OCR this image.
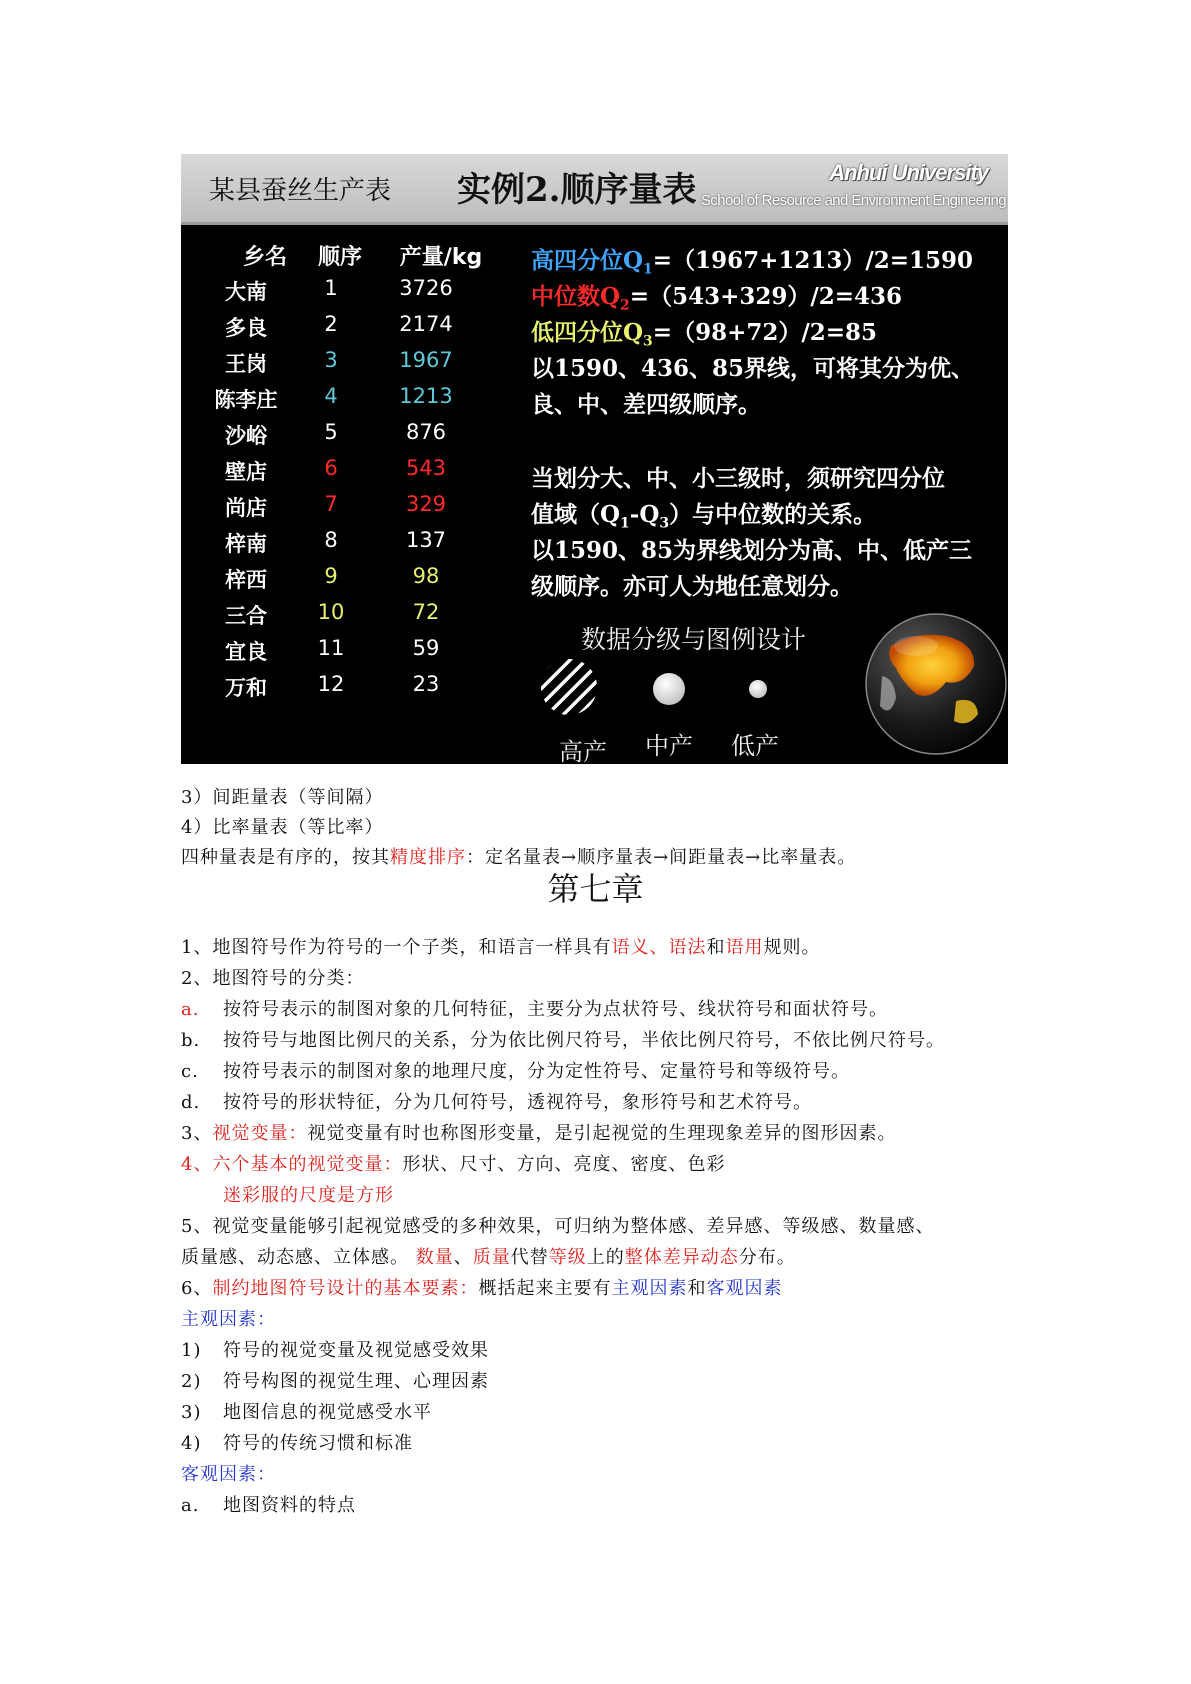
某县蚕丝生产表 实例2.顺序量表	Anhui University
School of Resource and Environment Engineering
乡名	顺序	产量/kg
大南	1	3726
多良	2	2174
王岗	3	1967
陈李庄	4	1213
沙峪	5	876
壁店	6	543
尚店	7	329
梓南	8	137
梓西	9	98
三合	10	72
宜良	11	59
万和	12	23
高四分位$Q_1=(1967+1213)/2=1590$
中位数$Q_2=(543+329)/2=436$
低四分位$Q_3=(98+72)/2=85$
以1590、436、85界线，可将其分为优、
良、中、差四级顺序。
当划分大、中、小三级时，须研究四分位
值域$(Q_1-Q_3)$与中位数的关系。
以1590、85为界线划分为高、中、低产三
级顺序。亦可人为地任意划分。
数据分级与图例设计
高产 中产 低产
3）间距量表（等间隔）
4）比率量表（等比率）
四种量表是有序的，按其精度排序：定名量表→顺序量表→间距量表→比率量表。
第七章
1、地图符号作为符号的一个子类，和语言一样具有语义、语法和语用规则。
2、地图符号的分类：
a. 按符号表示的制图对象的几何特征，主要分为点状符号、线状符号和面状符号。
b. 按符号与地图比例尺的关系，分为依比例尺符号，半依比例尺符号，不依比例尺符号。
c. 按符号表示的制图对象的地理尺度，分为定性符号、定量符号和等级符号。
d. 按符号的形状特征，分为几何符号，透视符号，象形符号和艺术符号。
3、视觉变量：视觉变量有时也称图形变量，是引起视觉的生理现象差异的图形因素。
4、六个基本的视觉变量：形状、尺寸、方向、亮度、密度、色彩
迷彩服的尺度是方形
5、视觉变量能够引起视觉感受的多种效果，可归纳为整体感、差异感、等级感、数量感、
质量感、动态感、立体感。 数量、质量代替等级上的整体差异动态分布。
6、制约地图符号设计的基本要素：概括起来主要有主观因素和客观因素
主观因素：
1) 符号的视觉变量及视觉感受效果
2) 符号构图的视觉生理、心理因素
3) 地图信息的视觉感受水平
4) 符号的传统习惯和标准
客观因素：
a. 地图资料的特点
